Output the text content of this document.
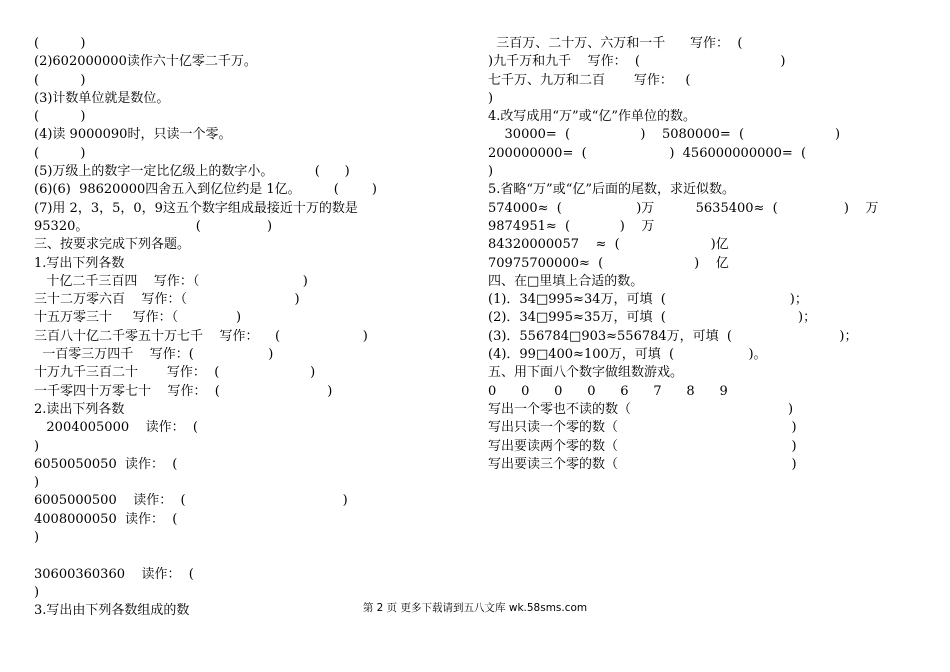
(          )
(2)602000000读作六十亿零二千万。
(          )
(3)计数单位就是数位。
(          )
(4)读 9000090时，只读一个零。
(          )
(5)万级上的数字一定比亿级上的数字小。          (      )
(6)(6)  98620000四舍五入到亿位约是 1亿。        (        )
(7)用 2，3，5，0，9这五个数字组成最接近十万的数是
95320。                          (                )
三、按要求完成下列各题。
1.写出下列各数
十亿二千三百四    写作：（                         )
三十二万零六百    写作：（                          )
十五万零三十     写作：（              )
三百八十亿二千零五十万七千    写作：    (                    )
一百零三万四千    写作：(                  )
十万九千三百二十       写作：  (                      )
一千零四十万零七十    写作：  (                          )
2.读出下列各数
2004005000    读作：  (
)
6050050050  读作：  (
)
6005000500    读作：  (                                      )
4008000050  读作：  (
)
30600360360    读作：  (
)
3.写出由下列各数组成的数
三百万、二十万、六万和一千      写作：  (
)九千万和九千    写作：  (                                  )
七千万、九万和二百       写作：   (
)
4.改写成用“万”或“亿”作单位的数。
30000=  (                 )    5080000=  (                      )
200000000=  (                    )  456000000000=  (
)
5.省略“万”或“亿”后面的尾数，求近似数。
574000≈  (                  )万          5635400≈  (                )    万
9874951≈  (            )    万
84320000057    ≈  (                      )亿
70975700000≈  (                      )    亿
四、在□里填上合适的数。
(1)．34□995≈34万，可填  (                              )；
(2)．34□995≈35万，可填  (                                )；
(3)．556784□903≈556784万，可填  (                          )；
(4)．99□400≈100万，可填  (                  )。
五、用下面八个数字做组数游戏。
0      0      0      0      6      7      8      9
写出一个零也不读的数（                                      )
写出只读一个零的数（                                          )
写出要读两个零的数（                                          )
写出要读三个零的数（                                          )
第 2 页 更多下载请到五八文库 wk.58sms.com
